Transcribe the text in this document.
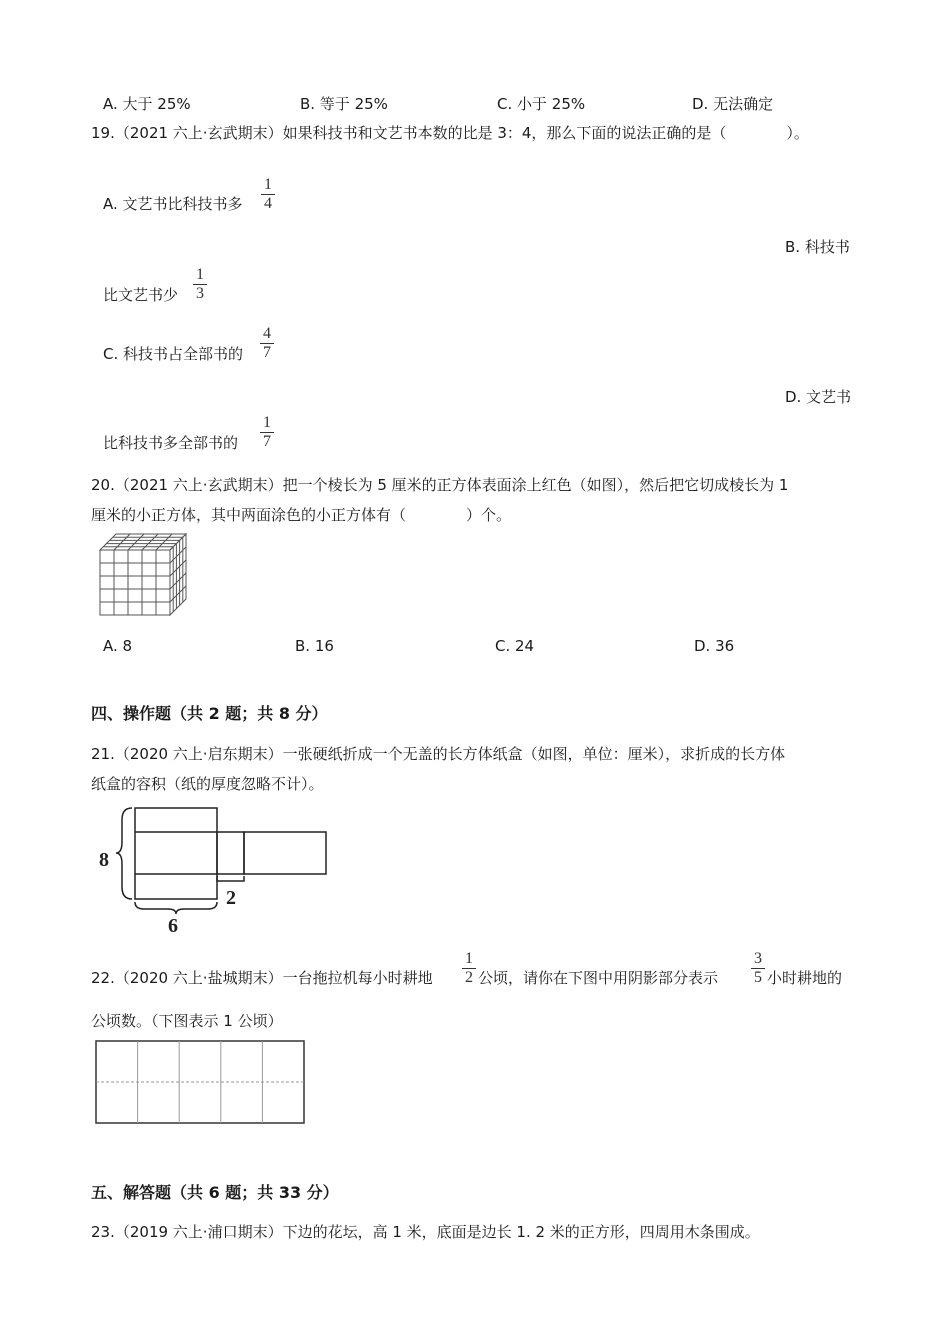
A. 大于 25%	B. 等于 25%	C. 小于 25%	D. 无法确定
19.（2021 六上·玄武期末）如果科技书和文艺书本数的比是 3：4，那么下面的说法正确的是（　　　　）。
A. 文艺书比科技书多
1
4
B. 科技书
比文艺书少
1
3
C. 科技书占全部书的
4
7
D. 文艺书
比科技书多全部书的
1
7
20.（2021 六上·玄武期末）把一个棱长为 5 厘米的正方体表面涂上红色（如图），然后把它切成棱长为 1
厘米的小正方体，其中两面涂色的小正方体有（　　　　）个。
A. 8	B. 16	C. 24	D. 36
四、操作题（共 2 题；共 8 分）
21.（2020 六上·启东期末）一张硬纸折成一个无盖的长方体纸盒（如图，单位：厘米），求折成的长方体
纸盒的容积（纸的厚度忽略不计）。
8
6
2
22.（2020 六上·盐城期末）一台拖拉机每小时耕地
1
2 公顷，请你在下图中用阴影部分表示
3
5 小时耕地的
公顷数。（下图表示 1 公顷）
五、解答题（共 6 题；共 33 分）
23.（2019 六上·浦口期末）下边的花坛，高 1 米，底面是边长 1. 2 米的正方形，四周用木条围成。
